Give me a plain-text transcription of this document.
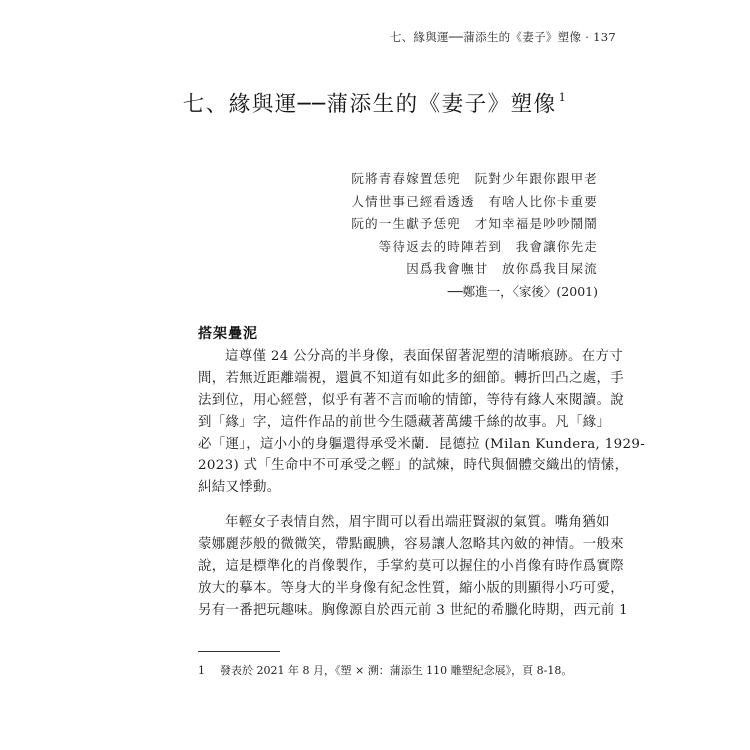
七、緣與運──蒲添生的《妻子》塑像 · 137
七、緣與運──蒲添生的《妻子》塑像 $^1$
阮將青春嫁置恁兜　阮對少年跟你跟甲老
人情世事已經看透透　有啥人比你卡重要
阮的一生獻予恁兜　才知幸福是吵吵鬧鬧
等待返去的時陣若到　我會讓你先走
因爲我會嘸甘　放你爲我目屎流
──鄭進一，〈家後〉(2001)
搭架疊泥
這尊僅 24 公分高的半身像，表面保留著泥塑的清晰痕跡。在方寸
間，若無近距離端視，還眞不知道有如此多的細節。轉折凹凸之處，手
法到位，用心經營，似乎有著不言而喻的情節，等待有緣人來閱讀。說
到「緣」字，這件作品的前世今生隱藏著萬縷千絲的故事。凡「緣」
必「運」，這小小的身軀還得承受米蘭．昆德拉 (Milan Kundera, 1929-
2023) 式「生命中不可承受之輕」的試煉，時代與個體交織出的情愫，
糾結又悸動。
年輕女子表情自然，眉宇間可以看出端莊賢淑的氣質。嘴角猶如
蒙娜麗莎般的微微笑，帶點靦腆，容易讓人忽略其內斂的神情。一般來
說，這是標準化的肖像製作，手掌約莫可以握住的小肖像有時作爲實際
放大的摹本。等身大的半身像有紀念性質，縮小版的則顯得小巧可愛，
另有一番把玩趣味。胸像源自於西元前 3 世紀的希臘化時期，西元前 1
1 發表於 2021 年 8 月，《塑 × 溯：蒲添生 110 雕塑紀念展》，頁 8-18。
